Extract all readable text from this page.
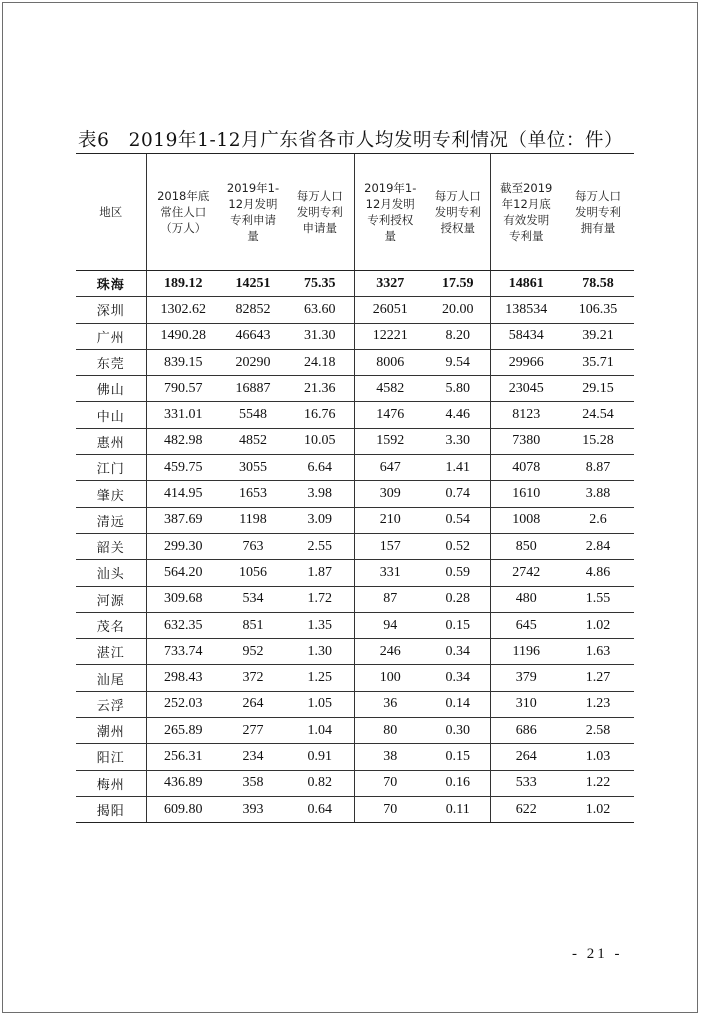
表6　2019年1-12月广东省各市人均发明专利情况（单位：件）
地区	2018年底常住人口（万人）	2019年1-12月发明专利申请量	每万人口发明专利申请量	2019年1-12月发明专利授权量	每万人口发明专利授权量	截至2019年12月底有效发明专利量	每万人口发明专利拥有量
珠海	189.12	14251	75.35	3327	17.59	14861	78.58
深圳	1302.62	82852	63.60	26051	20.00	138534	106.35
广州	1490.28	46643	31.30	12221	8.20	58434	39.21
东莞	839.15	20290	24.18	8006	9.54	29966	35.71
佛山	790.57	16887	21.36	4582	5.80	23045	29.15
中山	331.01	5548	16.76	1476	4.46	8123	24.54
惠州	482.98	4852	10.05	1592	3.30	7380	15.28
江门	459.75	3055	6.64	647	1.41	4078	8.87
肇庆	414.95	1653	3.98	309	0.74	1610	3.88
清远	387.69	1198	3.09	210	0.54	1008	2.6
韶关	299.30	763	2.55	157	0.52	850	2.84
汕头	564.20	1056	1.87	331	0.59	2742	4.86
河源	309.68	534	1.72	87	0.28	480	1.55
茂名	632.35	851	1.35	94	0.15	645	1.02
湛江	733.74	952	1.30	246	0.34	1196	1.63
汕尾	298.43	372	1.25	100	0.34	379	1.27
云浮	252.03	264	1.05	36	0.14	310	1.23
潮州	265.89	277	1.04	80	0.30	686	2.58
阳江	256.31	234	0.91	38	0.15	264	1.03
梅州	436.89	358	0.82	70	0.16	533	1.22
揭阳	609.80	393	0.64	70	0.11	622	1.02
- 21 -
